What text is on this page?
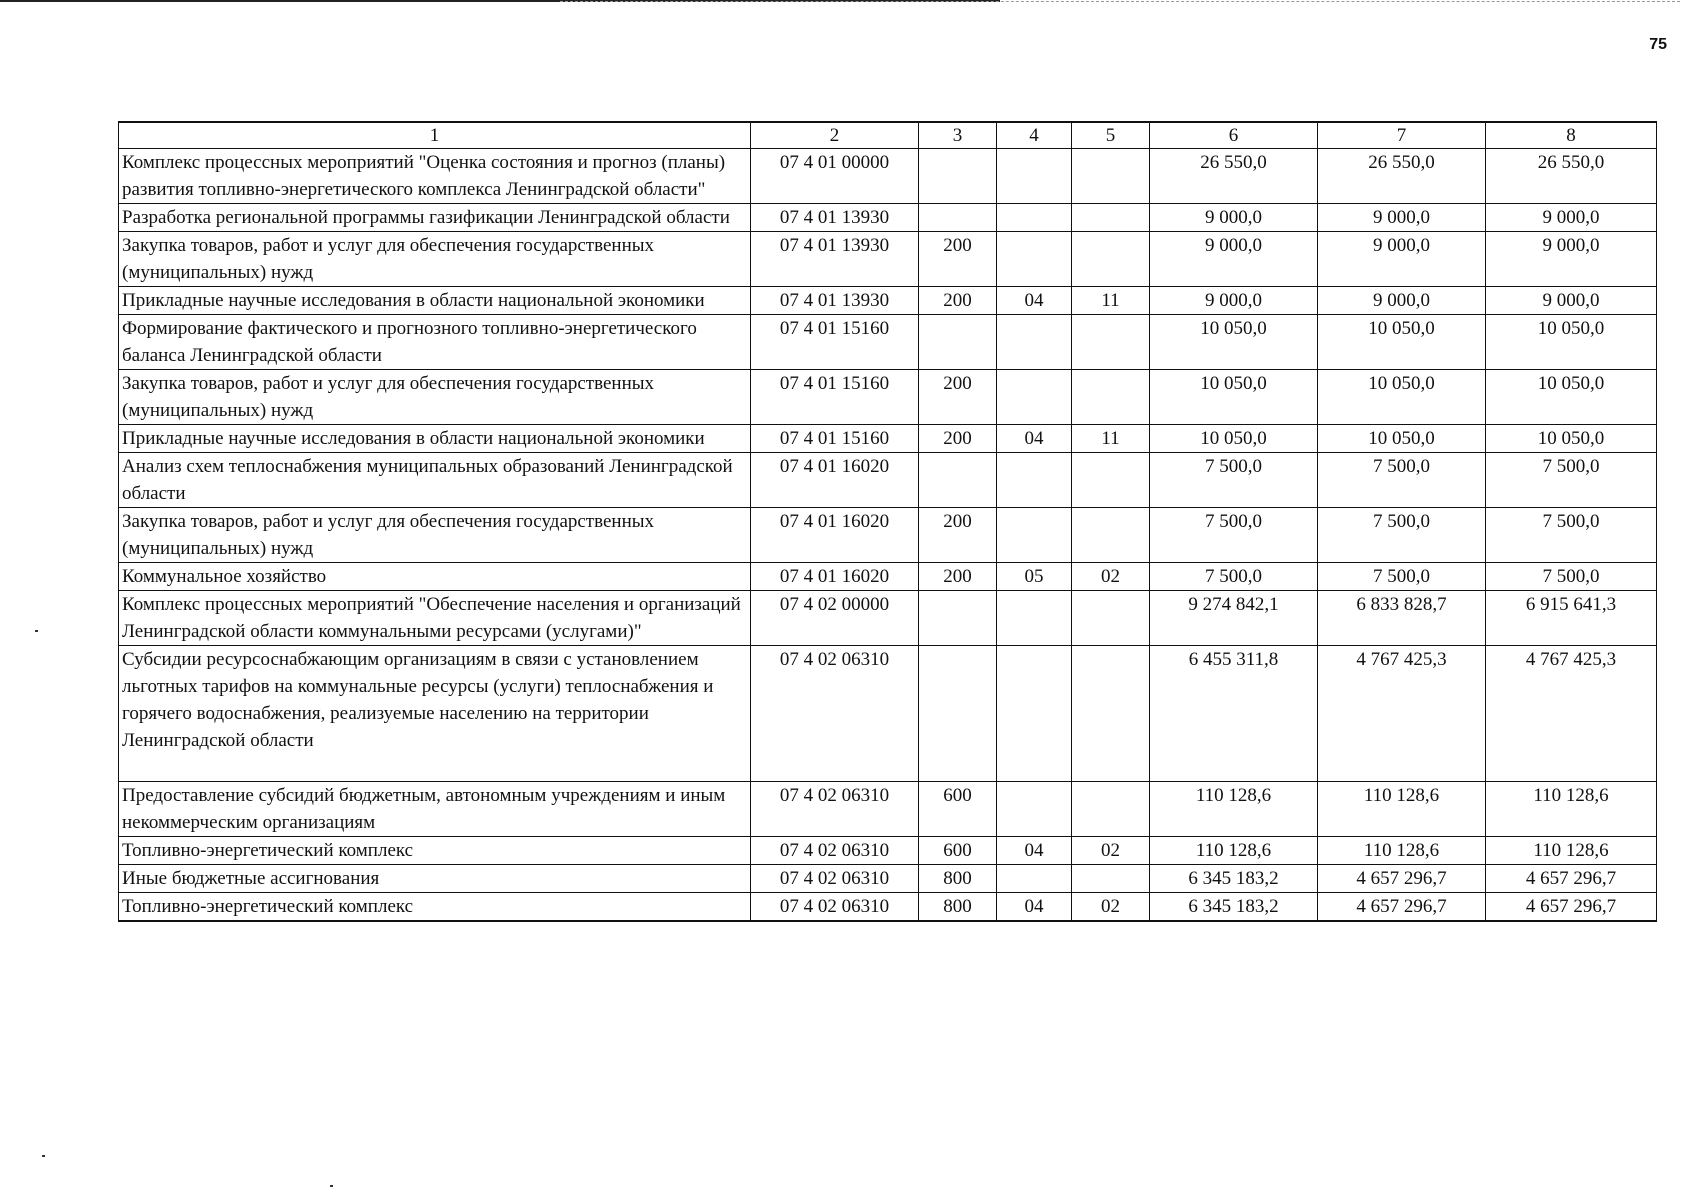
75
1	2	3	4	5	6	7	8
Комплекс процессных мероприятий "Оценка состояния и прогноз (планы) развития топливно-энергетического комплекса Ленинградской области"	07 4 01 00000				26 550,0	26 550,0	26 550,0
Разработка региональной программы газификации Ленинградской области	07 4 01 13930				9 000,0	9 000,0	9 000,0
Закупка товаров, работ и услуг для обеспечения государственных (муниципальных) нужд	07 4 01 13930	200			9 000,0	9 000,0	9 000,0
Прикладные научные исследования в области национальной экономики	07 4 01 13930	200	04	11	9 000,0	9 000,0	9 000,0
Формирование фактического и прогнозного топливно-энергетического баланса Ленинградской области	07 4 01 15160				10 050,0	10 050,0	10 050,0
Закупка товаров, работ и услуг для обеспечения государственных (муниципальных) нужд	07 4 01 15160	200			10 050,0	10 050,0	10 050,0
Прикладные научные исследования в области национальной экономики	07 4 01 15160	200	04	11	10 050,0	10 050,0	10 050,0
Анализ схем теплоснабжения муниципальных образований Ленинградской области	07 4 01 16020				7 500,0	7 500,0	7 500,0
Закупка товаров, работ и услуг для обеспечения государственных (муниципальных) нужд	07 4 01 16020	200			7 500,0	7 500,0	7 500,0
Коммунальное хозяйство	07 4 01 16020	200	05	02	7 500,0	7 500,0	7 500,0
Комплекс процессных мероприятий "Обеспечение населения и организаций Ленинградской области коммунальными ресурсами (услугами)"	07 4 02 00000				9 274 842,1	6 833 828,7	6 915 641,3
Субсидии ресурсоснабжающим организациям в связи с установлением льготных тарифов на коммунальные ресурсы (услуги) теплоснабжения и горячего водоснабжения, реализуемые населению на территории Ленинградской области	07 4 02 06310				6 455 311,8	4 767 425,3	4 767 425,3
Предоставление субсидий бюджетным, автономным учреждениям и иным некоммерческим организациям	07 4 02 06310	600			110 128,6	110 128,6	110 128,6
Топливно-энергетический комплекс	07 4 02 06310	600	04	02	110 128,6	110 128,6	110 128,6
Иные бюджетные ассигнования	07 4 02 06310	800			6 345 183,2	4 657 296,7	4 657 296,7
Топливно-энергетический комплекс	07 4 02 06310	800	04	02	6 345 183,2	4 657 296,7	4 657 296,7
